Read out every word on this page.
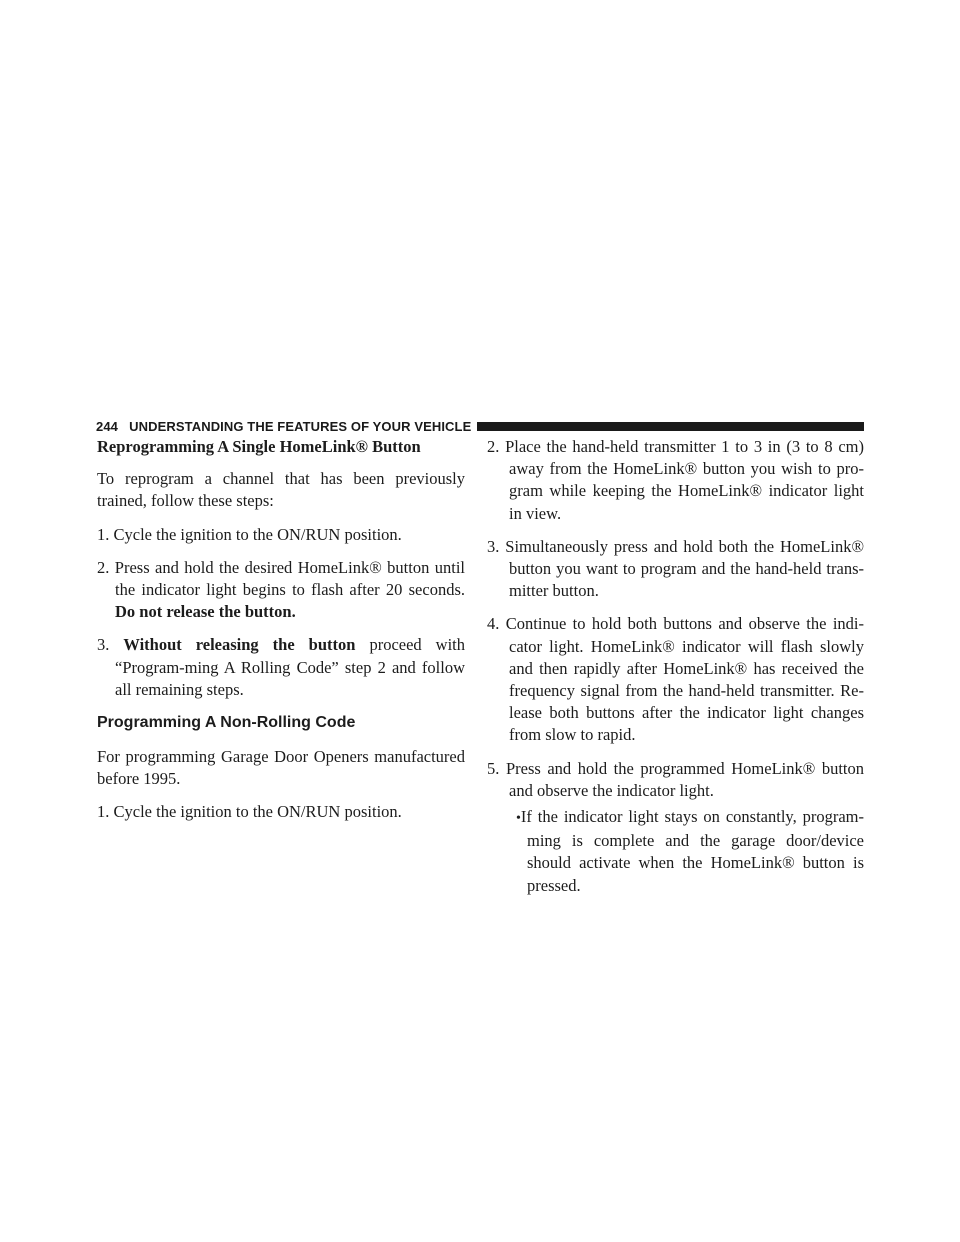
244 UNDERSTANDING THE FEATURES OF YOUR VEHICLE

Reprogramming A Single HomeLink® Button

To reprogram a channel that has been previously trained, follow these steps:

1. Cycle the ignition to the ON/RUN position.

2. Press and hold the desired HomeLink® button until the indicator light begins to flash after 20 seconds. Do not release the button.

3. Without releasing the button proceed with “Program-ming A Rolling Code” step 2 and follow all remaining steps.

Programming A Non-Rolling Code

For programming Garage Door Openers manufactured before 1995.

1. Cycle the ignition to the ON/RUN position.

2. Place the hand-held transmitter 1 to 3 in (3 to 8 cm) away from the HomeLink® button you wish to pro-gram while keeping the HomeLink® indicator light in view.

3. Simultaneously press and hold both the HomeLink® button you want to program and the hand-held trans-mitter button.

4. Continue to hold both buttons and observe the indi-cator light. HomeLink® indicator will flash slowly and then rapidly after HomeLink® has received the frequency signal from the hand-held transmitter. Re-lease both buttons after the indicator light changes from slow to rapid.

5. Press and hold the programmed HomeLink® button and observe the indicator light.

•If the indicator light stays on constantly, program-ming is complete and the garage door/device should activate when the HomeLink® button is pressed.
